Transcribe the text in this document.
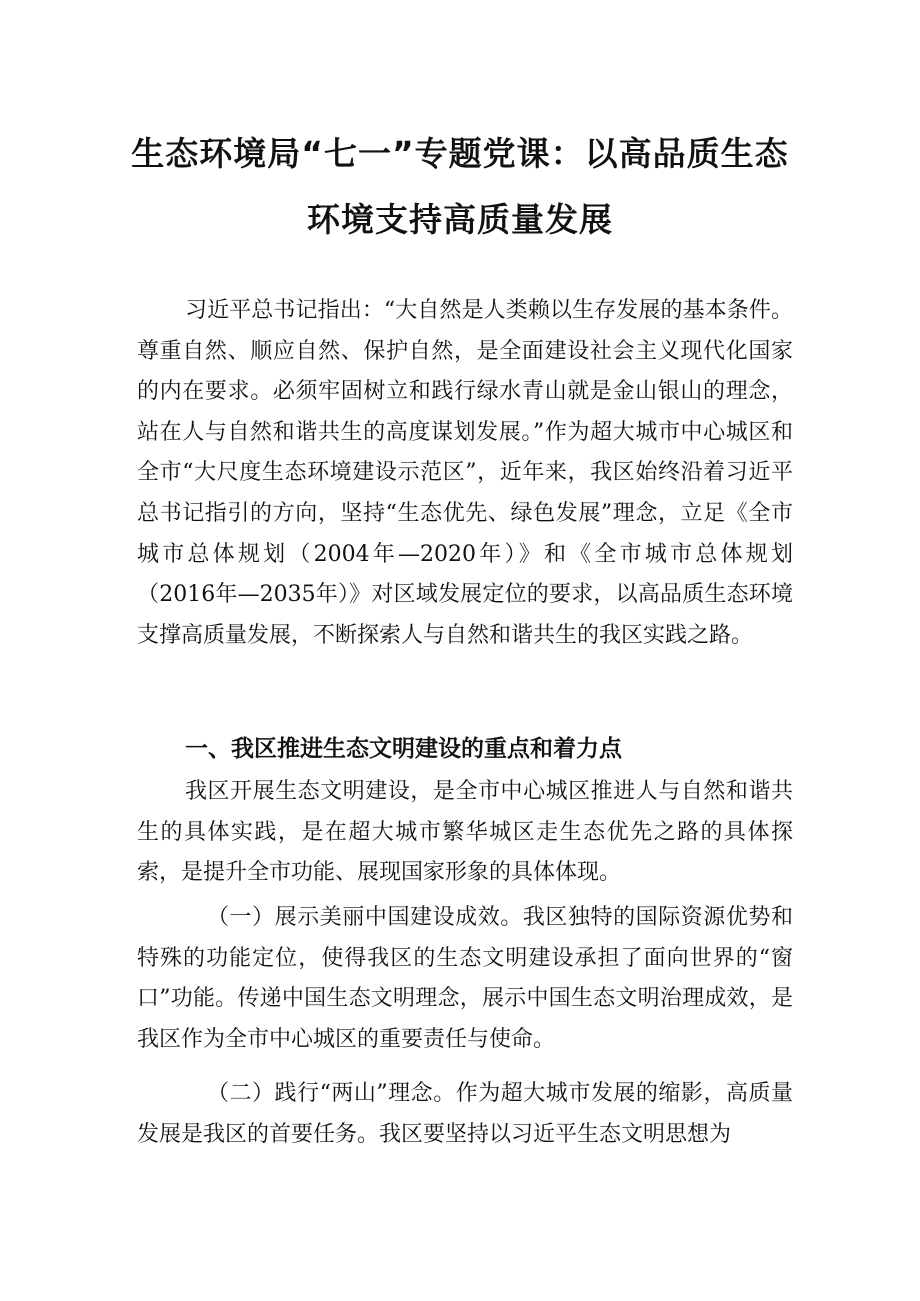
生态环境局“七一”专题党课：以高品质生态
环境支持高质量发展

习近平总书记指出：“大自然是人类赖以生存发展的基本条件。尊重自然、顺应自然、保护自然，是全面建设社会主义现代化国家的内在要求。必须牢固树立和践行绿水青山就是金山银山的理念，站在人与自然和谐共生的高度谋划发展。”作为超大城市中心城区和全市“大尺度生态环境建设示范区”，近年来，我区始终沿着习近平总书记指引的方向，坚持“生态优先、绿色发展”理念，立足《全市城市总体规划（2004年—2020年）》和《全市城市总体规划（2016年—2035年）》对区域发展定位的要求，以高品质生态环境支撑高质量发展，不断探索人与自然和谐共生的我区实践之路。

一、我区推进生态文明建设的重点和着力点

我区开展生态文明建设，是全市中心城区推进人与自然和谐共生的具体实践，是在超大城市繁华城区走生态优先之路的具体探索，是提升全市功能、展现国家形象的具体体现。

（一）展示美丽中国建设成效。我区独特的国际资源优势和特殊的功能定位，使得我区的生态文明建设承担了面向世界的“窗口”功能。传递中国生态文明理念，展示中国生态文明治理成效，是我区作为全市中心城区的重要责任与使命。

（二）践行“两山”理念。作为超大城市发展的缩影，高质量发展是我区的首要任务。我区要坚持以习近平生态文明思想为
